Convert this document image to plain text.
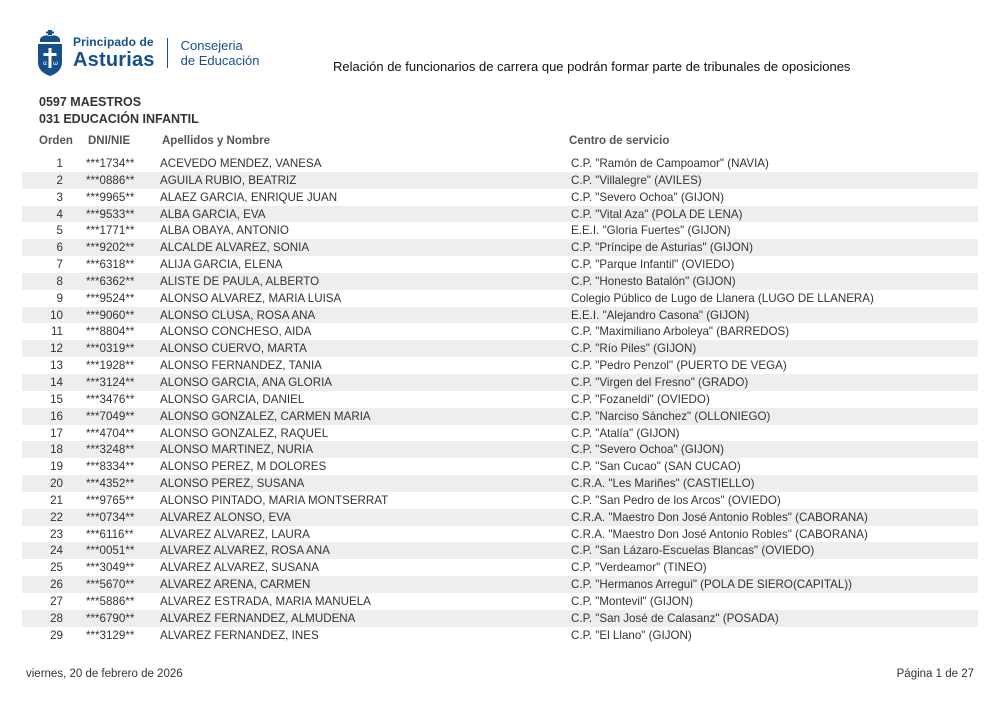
α ω
Principado de
Asturias
Consejeria
de Educación	Relación de funcionarios de carrera que podrán formar parte de tribunales de oposiciones
0597 MAESTROS
031 EDUCACIÓN INFANTIL
Orden DNI/NIE	Apellidos y Nombre	Centro de servicio
1 ***1734** ACEVEDO MENDEZ, VANESA	C.P. "Ramón de Campoamor" (NAVIA)
2 ***0886** AGUILA RUBIO, BEATRIZ	C.P. "Villalegre" (AVILES)
3 ***9965** ALAEZ GARCIA, ENRIQUE JUAN	C.P. "Severo Ochoa" (GIJON)
4 ***9533** ALBA GARCIA, EVA	C.P. "Vital Aza" (POLA DE LENA)
5 ***1771** ALBA OBAYA, ANTONIO	E.E.I. "Gloria Fuertes" (GIJON)
6 ***9202** ALCALDE ALVAREZ, SONIA	C.P. "Príncipe de Asturias" (GIJON)
7 ***6318** ALIJA GARCIA, ELENA	C.P. "Parque Infantil" (OVIEDO)
8 ***6362** ALISTE DE PAULA, ALBERTO	C.P. "Honesto Batalón" (GIJON)
9 ***9524** ALONSO ALVAREZ, MARIA LUISA	Colegio Público de Lugo de Llanera (LUGO DE LLANERA)
10 ***9060** ALONSO CLUSA, ROSA ANA	E.E.I. "Alejandro Casona" (GIJON)
11 ***8804** ALONSO CONCHESO, AIDA	C.P. "Maximiliano Arboleya" (BARREDOS)
12 ***0319** ALONSO CUERVO, MARTA	C.P. "Río Piles" (GIJON)
13 ***1928** ALONSO FERNANDEZ, TANIA	C.P. "Pedro Penzol" (PUERTO DE VEGA)
14 ***3124** ALONSO GARCIA, ANA GLORIA	C.P. "Virgen del Fresno" (GRADO)
15 ***3476** ALONSO GARCIA, DANIEL	C.P. "Fozaneldi" (OVIEDO)
16 ***7049** ALONSO GONZALEZ, CARMEN MARIA	C.P. "Narciso Sánchez" (OLLONIEGO)
17 ***4704** ALONSO GONZALEZ, RAQUEL	C.P. "Atalía" (GIJON)
18 ***3248** ALONSO MARTINEZ, NURIA	C.P. "Severo Ochoa" (GIJON)
19 ***8334** ALONSO PEREZ, M DOLORES	C.P. "San Cucao" (SAN CUCAO)
20 ***4352** ALONSO PEREZ, SUSANA	C.R.A. "Les Mariñes" (CASTIELLO)
21 ***9765** ALONSO PINTADO, MARIA MONTSERRAT	C.P. "San Pedro de los Arcos" (OVIEDO)
22 ***0734** ALVAREZ ALONSO, EVA	C.R.A. "Maestro Don José Antonio Robles" (CABORANA)
23 ***6116** ALVAREZ ALVAREZ, LAURA	C.R.A. "Maestro Don José Antonio Robles" (CABORANA)
24 ***0051** ALVAREZ ALVAREZ, ROSA ANA	C.P. "San Lázaro-Escuelas Blancas" (OVIEDO)
25 ***3049** ALVAREZ ALVAREZ, SUSANA	C.P. "Verdeamor" (TINEO)
26 ***5670** ALVAREZ ARENA, CARMEN	C.P. "Hermanos Arregui" (POLA DE SIERO(CAPITAL))
27 ***5886** ALVAREZ ESTRADA, MARIA MANUELA	C.P. "Montevil" (GIJON)
28 ***6790** ALVAREZ FERNANDEZ, ALMUDENA	C.P. "San José de Calasanz" (POSADA)
29 ***3129** ALVAREZ FERNANDEZ, INES	C.P. "El Llano" (GIJON)
viernes, 20 de febrero de 2026	Página 1 de 27
